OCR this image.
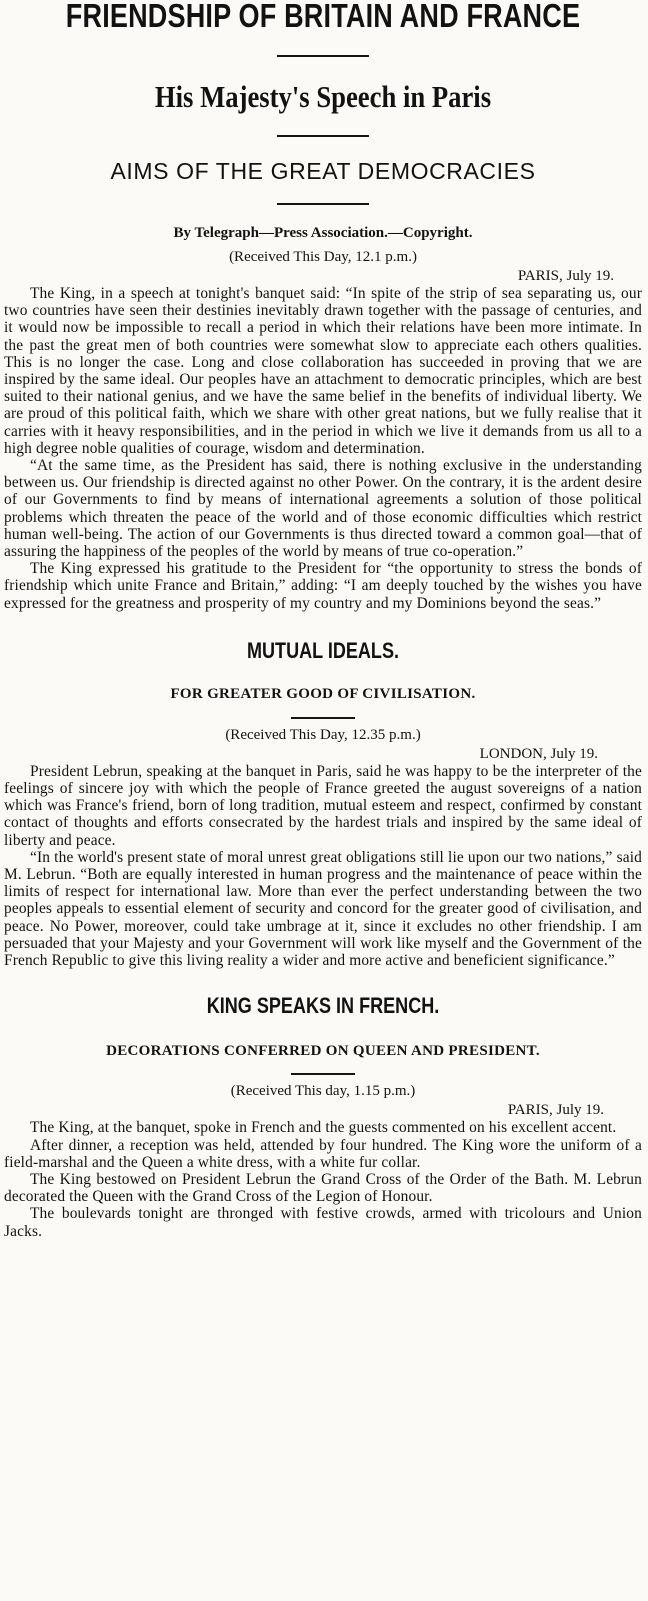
FRIENDSHIP OF BRITAIN AND FRANCE
His Majesty's Speech in Paris
AIMS OF THE GREAT DEMOCRACIES

By Telegraph—Press Association.—Copyright.

(Received This Day, 12.1 p.m.)

PARIS, July 19.

The King, in a speech at tonight's banquet said: “In spite of the strip of sea separating us, our two countries have seen their destinies inevitably drawn together with the passage of centuries, and it would now be impossible to recall a period in which their relations have been more intimate. In the past the great men of both countries were somewhat slow to appreciate each others qualities. This is no longer the case. Long and close collaboration has succeeded in proving that we are inspired by the same ideal. Our peoples have an attachment to democratic principles, which are best suited to their national genius, and we have the same belief in the benefits of individual liberty. We are proud of this political faith, which we share with other great nations, but we fully realise that it carries with it heavy responsibilities, and in the period in which we live it demands from us all to a high degree noble qualities of courage, wisdom and determination.

“At the same time, as the President has said, there is nothing exclusive in the understanding between us. Our friendship is directed against no other Power. On the contrary, it is the ardent desire of our Governments to find by means of international agreements a solution of those political problems which threaten the peace of the world and of those economic difficulties which restrict human well-being. The action of our Governments is thus directed toward a common goal—that of assuring the happiness of the peoples of the world by means of true co-operation.”

The King expressed his gratitude to the President for “the opportunity to stress the bonds of friendship which unite France and Britain,” adding: “I am deeply touched by the wishes you have expressed for the greatness and prosperity of my country and my Dominions beyond the seas.”

MUTUAL IDEALS.

FOR GREATER GOOD OF CIVILISATION.

(Received This Day, 12.35 p.m.)

LONDON, July 19.

President Lebrun, speaking at the banquet in Paris, said he was happy to be the interpreter of the feelings of sincere joy with which the people of France greeted the august sovereigns of a nation which was France's friend, born of long tradition, mutual esteem and respect, confirmed by constant contact of thoughts and efforts consecrated by the hardest trials and inspired by the same ideal of liberty and peace.

“In the world's present state of moral unrest great obligations still lie upon our two nations,” said M. Lebrun. “Both are equally interested in human progress and the maintenance of peace within the limits of respect for international law. More than ever the perfect understanding between the two peoples appeals to essential element of security and concord for the greater good of civilisation, and peace. No Power, moreover, could take umbrage at it, since it excludes no other friendship. I am persuaded that your Majesty and your Government will work like myself and the Government of the French Republic to give this living reality a wider and more active and beneficient significance.”

KING SPEAKS IN FRENCH.

DECORATIONS CONFERRED ON QUEEN AND PRESIDENT.

(Received This day, 1.15 p.m.)

PARIS, July 19.

The King, at the banquet, spoke in French and the guests commented on his excellent accent.

After dinner, a reception was held, attended by four hundred. The King wore the uniform of a field-marshal and the Queen a white dress, with a white fur collar.

The King bestowed on President Lebrun the Grand Cross of the Order of the Bath. M. Lebrun decorated the Queen with the Grand Cross of the Legion of Honour.

The boulevards tonight are thronged with festive crowds, armed with tricolours and Union Jacks.
